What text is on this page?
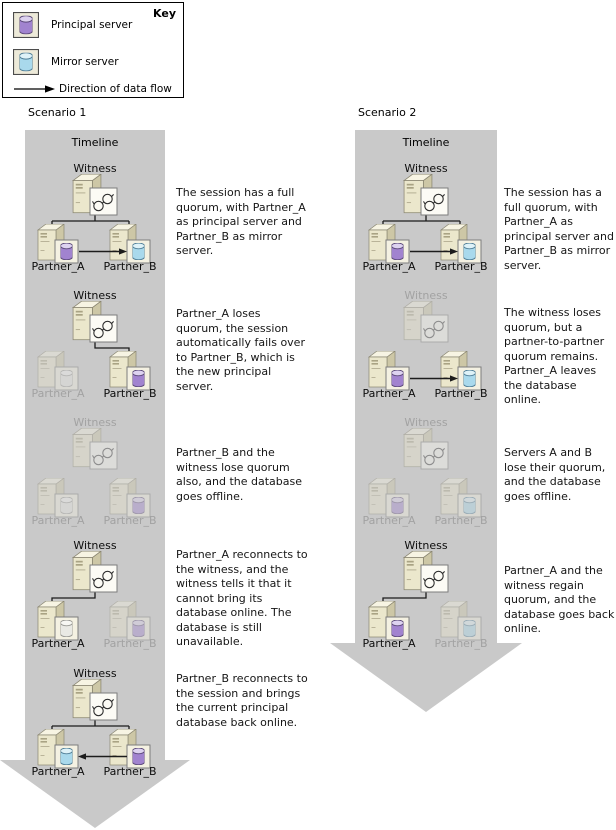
Key
Principal server
Mirror server
Direction of data flow
Scenario 1
Timeline
Witness
Partner_A Partner_B
The session has a full quorum, with Partner_A as principal server and Partner_B as mirror server.
Witness
Partner_A Partner_B
Partner_A loses quorum, the session automatically fails over to Partner_B, which is the new principal server.
Witness
Partner_A Partner_B
Partner_B and the witness lose quorum also, and the database goes offline.
Witness
Partner_A Partner_B
Partner_A reconnects to the witness, and the witness tells it that it cannot bring its database online. The database is still unavailable.
Witness
Partner_A Partner_B
Partner_B reconnects to the session and brings the current principal database back online.
Scenario 2
Timeline
Witness
Partner_A Partner_B
The session has a full quorum, with Partner_A as principal server and Partner_B as mirror server.
Witness
Partner_A Partner_B
The witness loses quorum, but a partner-to-partner quorum remains. Partner_A leaves the database online.
Witness
Partner_A Partner_B
Servers A and B lose their quorum, and the database goes offline.
Witness
Partner_A Partner_B
Partner_A and the witness regain quorum, and the database goes back online.
